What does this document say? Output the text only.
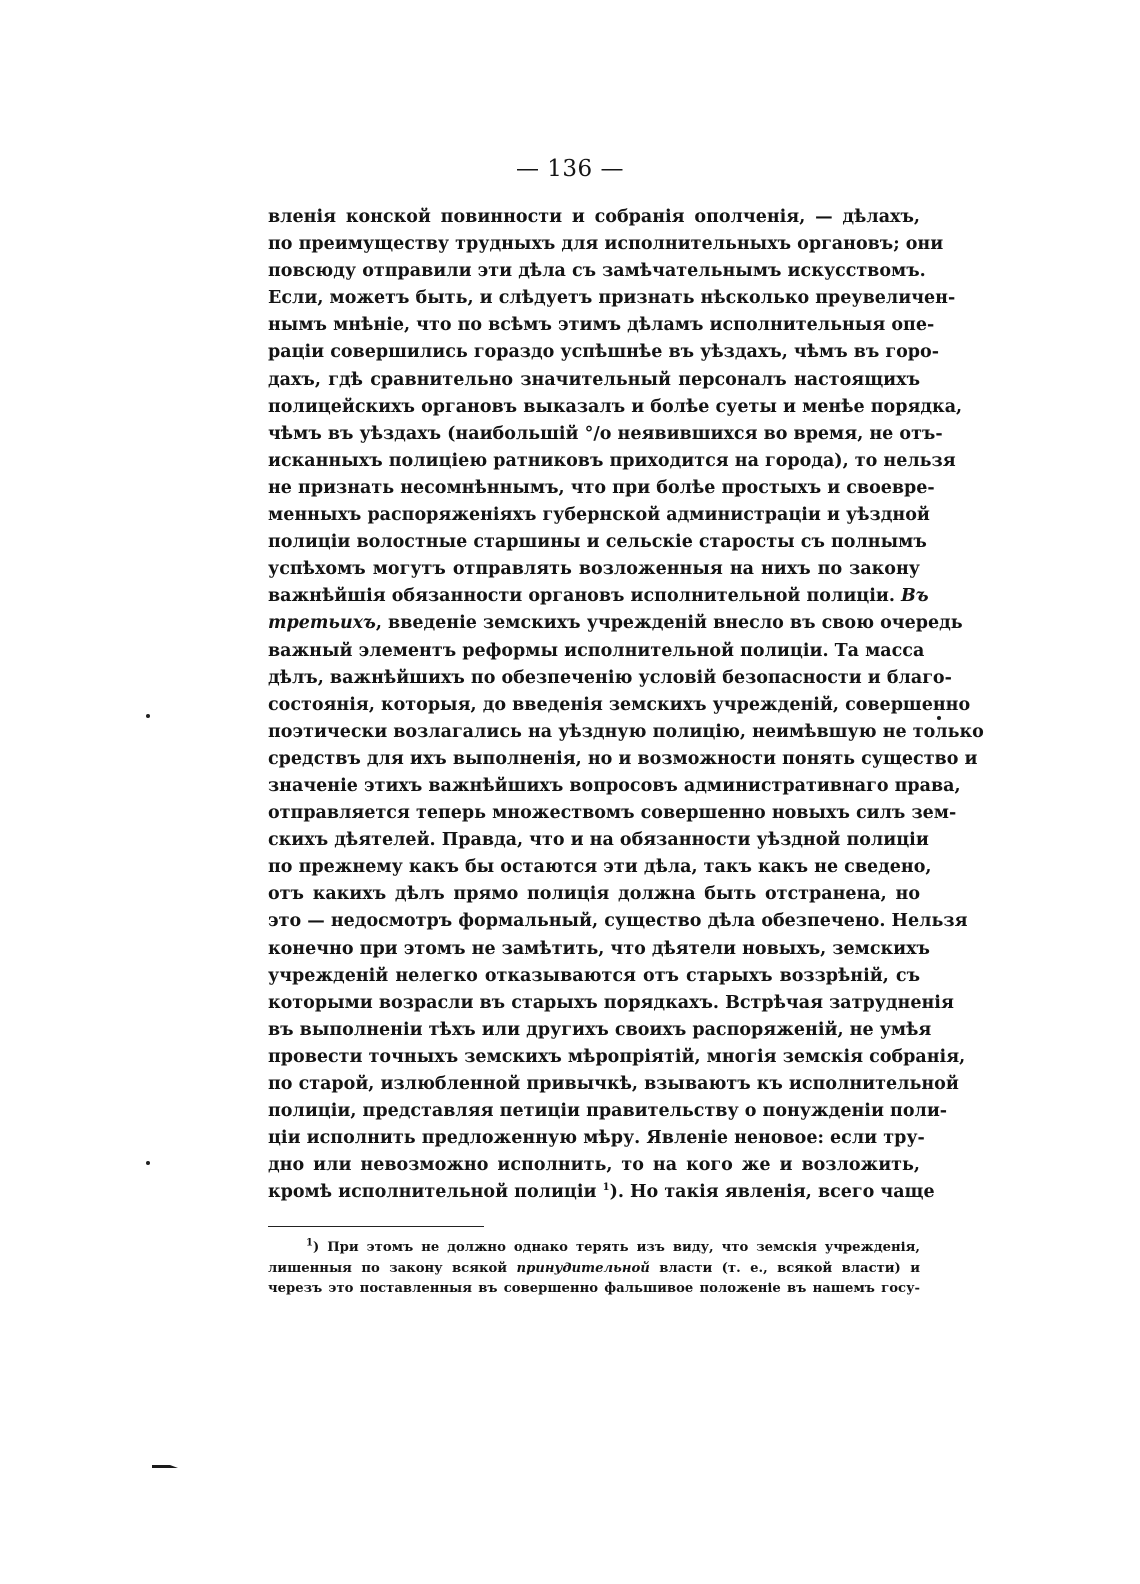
— 136 —
вленія конской повинности и собранія ополченія, — дѣлахъ,
по преимуществу трудныхъ для исполнительныхъ органовъ; они
повсюду отправили эти дѣла съ замѣчательнымъ искусствомъ.
Если, можетъ быть, и слѣдуетъ признать нѣсколько преувеличен-
нымъ мнѣніе, что по всѣмъ этимъ дѣламъ исполнительныя опе-
раціи совершились гораздо успѣшнѣе въ уѣздахъ, чѣмъ въ горо-
дахъ, гдѣ сравнительно значительный персоналъ настоящихъ
полицейскихъ органовъ выказалъ и болѣе суеты и менѣе порядка,
чѣмъ въ уѣздахъ (наибольшій °/о неявившихся во время, не отъ-
исканныхъ полиціею ратниковъ приходится на города), то нельзя
не признать несомнѣннымъ, что при болѣе простыхъ и своевре-
менныхъ распоряженіяхъ губернской администраціи и уѣздной
полиціи волостные старшины и сельскіе старосты съ полнымъ
успѣхомъ могутъ отправлять возложенныя на нихъ по закону
важнѣйшія обязанности органовъ исполнительной полиціи. Въ
третьихъ, введеніе земскихъ учрежденій внесло въ свою очередь
важный элементъ реформы исполнительной полиціи. Та масса
дѣлъ, важнѣйшихъ по обезпеченію условій безопасности и благо-
состоянія, которыя, до введенія земскихъ учрежденій, совершенно
поэтически возлагались на уѣздную полицію, неимѣвшую не только
средствъ для ихъ выполненія, но и возможности понять существо и
значеніе этихъ важнѣйшихъ вопросовъ административнаго права,
отправляется теперь множествомъ совершенно новыхъ силъ зем-
скихъ дѣятелей. Правда, что и на обязанности уѣздной полиціи
по прежнему какъ бы остаются эти дѣла, такъ какъ не сведено,
отъ какихъ дѣлъ прямо полиція должна быть отстранена, но
это — недосмотръ формальный, существо дѣла обезпечено. Нельзя
конечно при этомъ не замѣтить, что дѣятели новыхъ, земскихъ
учрежденій нелегко отказываются отъ старыхъ воззрѣній, съ
которыми возрасли въ старыхъ порядкахъ. Встрѣчая затрудненія
въ выполненіи тѣхъ или другихъ своихъ распоряженій, не умѣя
провести точныхъ земскихъ мѣропріятій, многія земскія собранія,
по старой, излюбленной привычкѣ, взываютъ къ исполнительной
полиціи, представляя петиціи правительству о понужденіи поли-
ціи исполнить предложенную мѣру. Явленіе неновое: если тру-
дно или невозможно исполнить, то на кого же и возложить,
кромѣ исполнительной полиціи $^1$). Но такія явленія, всего чаще
$^1$) При этомъ не должно однако терять изъ виду, что земскія учрежденія,
лишенныя по закону всякой принудительной власти (т. е., всякой власти) и
черезъ это поставленныя въ совершенно фальшивое положеніе въ нашемъ госу-
